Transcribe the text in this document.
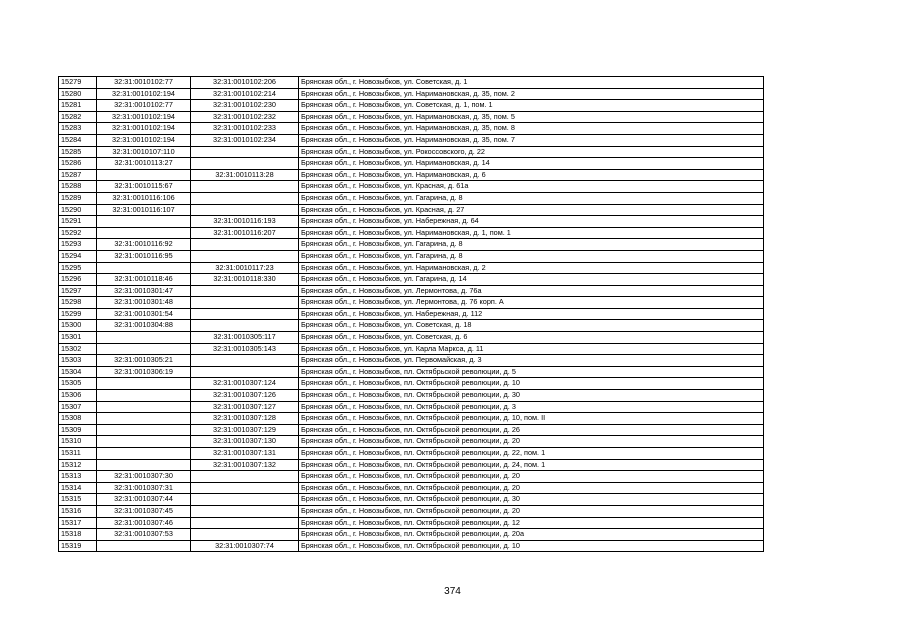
15279	32:31:0010102:77	32:31:0010102:206	Брянская обл., г. Новозыбков, ул. Советская, д. 1
15280	32:31:0010102:194	32:31:0010102:214	Брянская обл., г. Новозыбков, ул. Наримановская, д. 35, пом. 2
15281	32:31:0010102:77	32:31:0010102:230	Брянская обл., г. Новозыбков, ул. Советская, д. 1, пом. 1
15282	32:31:0010102:194	32:31:0010102:232	Брянская обл., г. Новозыбков, ул. Наримановская, д. 35, пом. 5
15283	32:31:0010102:194	32:31:0010102:233	Брянская обл., г. Новозыбков, ул. Наримановская, д. 35, пом. 8
15284	32:31:0010102:194	32:31:0010102:234	Брянская обл., г. Новозыбков, ул. Наримановская, д. 35, пом. 7
15285	32:31:0010107:110		Брянская обл., г. Новозыбков, ул. Рокоссовского, д. 22
15286	32:31:0010113:27		Брянская обл., г. Новозыбков, ул. Наримановская, д. 14
15287		32:31:0010113:28	Брянская обл., г. Новозыбков, ул. Наримановская, д. 6
15288	32:31:0010115:67		Брянская обл., г. Новозыбков, ул. Красная, д. 61а
15289	32:31:0010116:106		Брянская обл., г. Новозыбков, ул. Гагарина, д. 8
15290	32:31:0010116:107		Брянская обл., г. Новозыбков, ул. Красная, д. 27
15291		32:31:0010116:193	Брянская обл., г. Новозыбков, ул. Набережная, д. 64
15292		32:31:0010116:207	Брянская обл., г. Новозыбков, ул. Наримановская, д. 1, пом. 1
15293	32:31:0010116:92		Брянская обл., г. Новозыбков, ул. Гагарина, д. 8
15294	32:31:0010116:95		Брянская обл., г. Новозыбков, ул. Гагарина, д. 8
15295		32:31:0010117:23	Брянская обл., г. Новозыбков, ул. Наримановская, д. 2
15296	32:31:0010118:46	32:31:0010118:330	Брянская обл., г. Новозыбков, ул. Гагарина, д. 14
15297	32:31:0010301:47		Брянская обл., г. Новозыбков, ул. Лермонтова, д. 76а
15298	32:31:0010301:48		Брянская обл., г. Новозыбков, ул. Лермонтова, д. 76 корп. А
15299	32:31:0010301:54		Брянская обл., г. Новозыбков, ул. Набережная, д. 112
15300	32:31:0010304:88		Брянская обл., г. Новозыбков, ул. Советская, д. 18
15301		32:31:0010305:117	Брянская обл., г. Новозыбков, ул. Советская, д. 6
15302		32:31:0010305:143	Брянская обл., г. Новозыбков, ул. Карла Маркса, д. 11
15303	32:31:0010305:21		Брянская обл., г. Новозыбков, ул. Первомайская, д. 3
15304	32:31:0010306:19		Брянская обл., г. Новозыбков, пл. Октябрьской революции, д. 5
15305		32:31:0010307:124	Брянская обл., г. Новозыбков, пл. Октябрьской революции, д. 10
15306		32:31:0010307:126	Брянская обл., г. Новозыбков, пл. Октябрьской революции, д. 30
15307		32:31:0010307:127	Брянская обл., г. Новозыбков, пл. Октябрьской революции, д. 3
15308		32:31:0010307:128	Брянская обл., г. Новозыбков, пл. Октябрьской революции, д. 10, пом. II
15309		32:31:0010307:129	Брянская обл., г. Новозыбков, пл. Октябрьской революции, д. 26
15310		32:31:0010307:130	Брянская обл., г. Новозыбков, пл. Октябрьской революции, д. 20
15311		32:31:0010307:131	Брянская обл., г. Новозыбков, пл. Октябрьской революции, д. 22, пом. 1
15312		32:31:0010307:132	Брянская обл., г. Новозыбков, пл. Октябрьской революции, д. 24, пом. 1
15313	32:31:0010307:30		Брянская обл., г. Новозыбков, пл. Октябрьской революции, д. 20
15314	32:31:0010307:31		Брянская обл., г. Новозыбков, пл. Октябрьской революции, д. 20
15315	32:31:0010307:44		Брянская обл., г. Новозыбков, пл. Октябрьской революции, д. 30
15316	32:31:0010307:45		Брянская обл., г. Новозыбков, пл. Октябрьской революции, д. 20
15317	32:31:0010307:46		Брянская обл., г. Новозыбков, пл. Октябрьской революции, д. 12
15318	32:31:0010307:53		Брянская обл., г. Новозыбков, пл. Октябрьской революции, д. 20а
15319		32:31:0010307:74	Брянская обл., г. Новозыбков, пл. Октябрьской революции, д. 10
374
